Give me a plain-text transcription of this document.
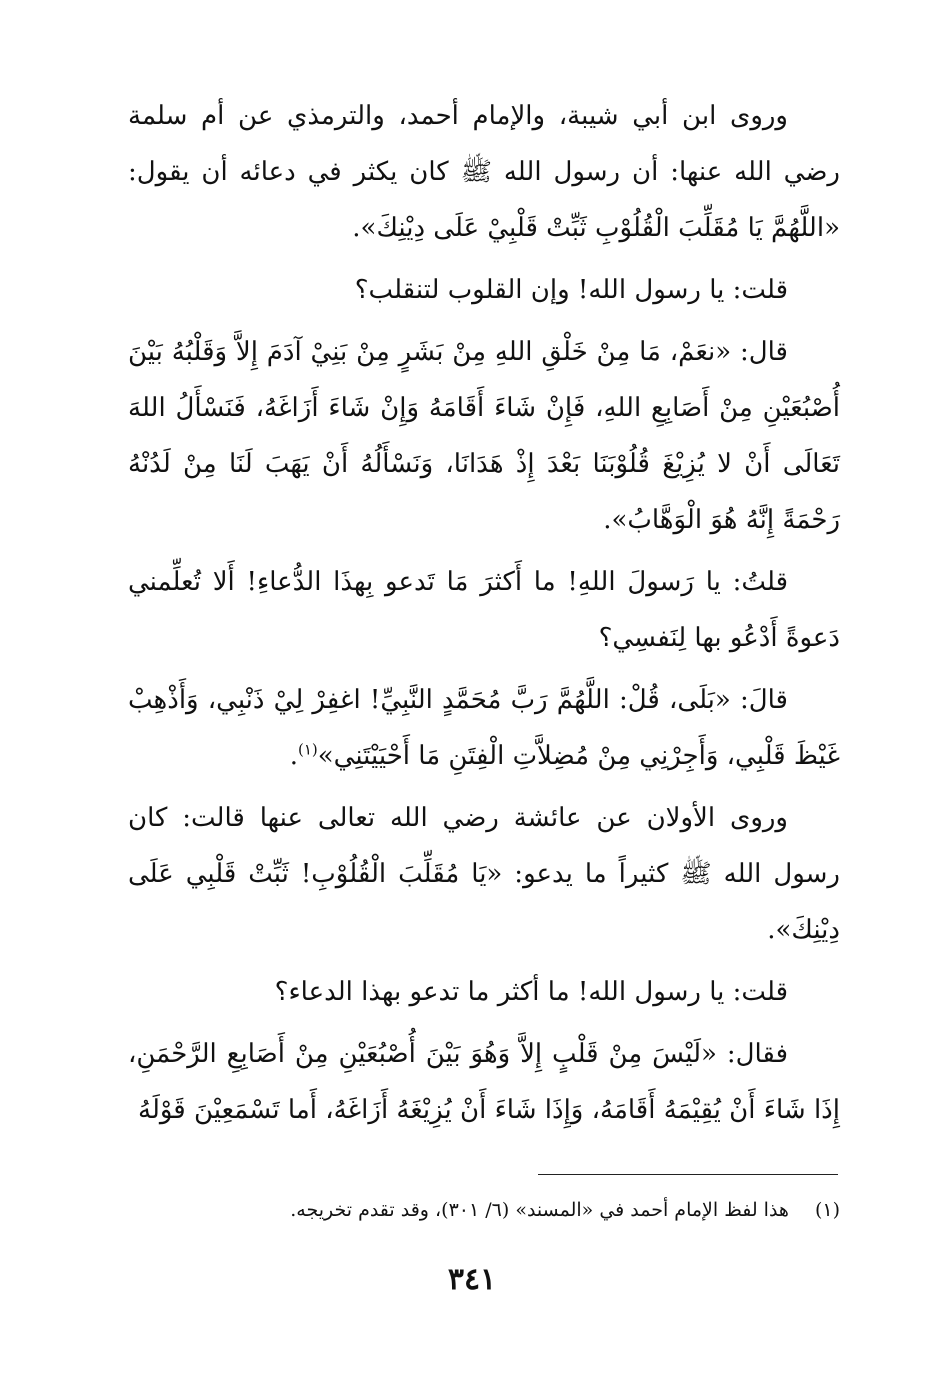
وروى ابن أبي شيبة، والإمام أحمد، والترمذي عن أم سلمة رضي الله عنها: أن رسول الله ﷺ كان يكثر في دعائه أن يقول: «اللَّهُمَّ يَا مُقَلِّبَ الْقُلُوْبِ ثَبِّتْ قَلْبِيْ عَلَى دِيْنِكَ».

قلت: يا رسول الله! وإن القلوب لتنقلب؟

قال: «نعَمْ، مَا مِنْ خَلْقِ اللهِ مِنْ بَشَرٍ مِنْ بَنِيْ آدَمَ إِلاَّ وَقَلْبُهُ بَيْنَ أُصْبُعَيْنِ مِنْ أَصَابِعِ اللهِ، فَإِنْ شَاءَ أَقَامَهُ وَإِنْ شَاءَ أَزَاغَهُ، فَنَسْأَلُ اللهَ تَعَالَى أَنْ لا يُزِيْغَ قُلُوْبَنَا بَعْدَ إِذْ هَدَانَا، وَنَسْأَلُهُ أَنْ يَهَبَ لَنَا مِنْ لَدُنْهُ رَحْمَةً إِنَّهُ هُوَ الْوَهَّابُ».

قلتُ: يا رَسولَ اللهِ! ما أَكثرَ مَا تَدعو بِهذَا الدُّعاءِ! أَلا تُعلِّمني دَعوةً أَدْعُو بها لِنَفسِي؟

قالَ: «بَلَى، قُلْ: اللَّهُمَّ رَبَّ مُحَمَّدٍ النَّبِيِّ! اغفِرْ لِيْ ذَنْبِي، وَأَذْهِبْ غَيْظَ قَلْبِي، وَأَجِرْنِي مِنْ مُضِلاَّتِ الْفِتَنِ مَا أَحْيَيْتَنِي»$^{(١)}$.

وروى الأولان عن عائشة رضي الله تعالى عنها قالت: كان رسول الله ﷺ كثيراً ما يدعو: «يَا مُقَلِّبَ الْقُلُوْبِ! ثَبِّتْ قَلْبِي عَلَى دِيْنِكَ».

قلت: يا رسول الله! ما أكثر ما تدعو بهذا الدعاء؟

فقال: «لَيْسَ مِنْ قَلْبٍ إِلاَّ وَهُوَ بَيْنَ أُصْبُعَيْنِ مِنْ أَصَابِعِ الرَّحْمَنِ، إِذَا شَاءَ أَنْ يُقِيْمَهُ أَقَامَهُ، وَإِذَا شَاءَ أَنْ يُزِيْغَهُ أَزَاغَهُ، أَما تَسْمَعِيْنَ قَوْلَهُ

(١)هذا لفظ الإمام أحمد في «المسند» (٦/ ٣٠١)، وقد تقدم تخريجه.
٣٤١
